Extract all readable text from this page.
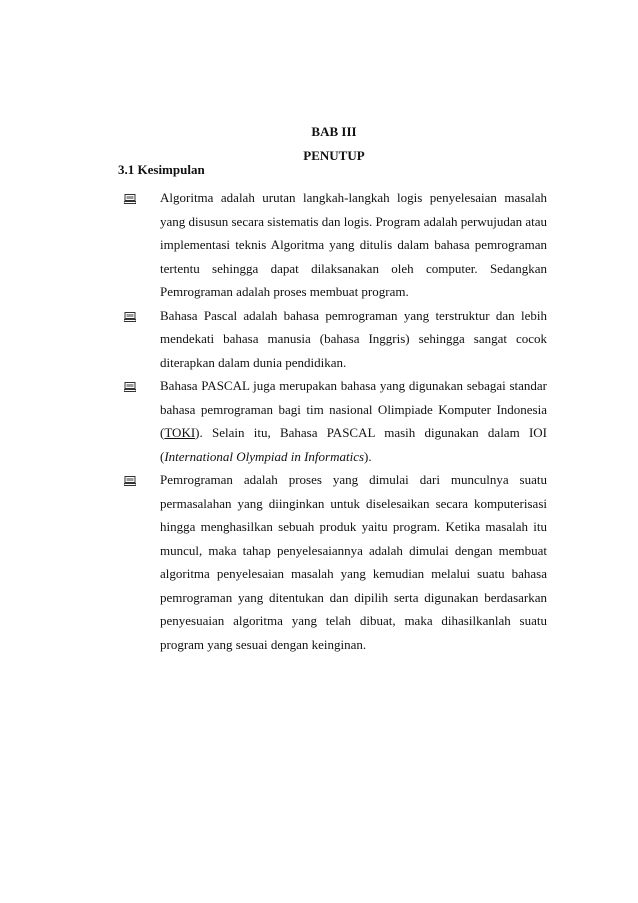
BAB III
PENUTUP
3.1 Kesimpulan

Algoritma adalah urutan langkah-langkah logis penyelesaian masalah yang disusun secara sistematis dan logis. Program adalah perwujudan atau implementasi teknis Algoritma yang ditulis dalam bahasa pemrograman tertentu sehingga dapat dilaksanakan oleh computer. Sedangkan Pemrograman adalah proses membuat program.

Bahasa Pascal adalah bahasa pemrograman yang terstruktur dan lebih mendekati bahasa manusia (bahasa Inggris) sehingga sangat cocok diterapkan dalam dunia pendidikan.

Bahasa PASCAL juga merupakan bahasa yang digunakan sebagai standar bahasa pemrograman bagi tim nasional Olimpiade Komputer Indonesia (TOKI). Selain itu, Bahasa PASCAL masih digunakan dalam IOI (International Olympiad in Informatics).

Pemrograman adalah proses yang dimulai dari munculnya suatu permasalahan yang diinginkan untuk diselesaikan secara komputerisasi hingga menghasilkan sebuah produk yaitu program. Ketika masalah itu muncul, maka tahap penyelesaiannya adalah dimulai dengan membuat algoritma penyelesaian masalah yang kemudian melalui suatu bahasa pemrograman yang ditentukan dan dipilih serta digunakan berdasarkan penyesuaian algoritma yang telah dibuat, maka dihasilkanlah suatu program yang sesuai dengan keinginan.
